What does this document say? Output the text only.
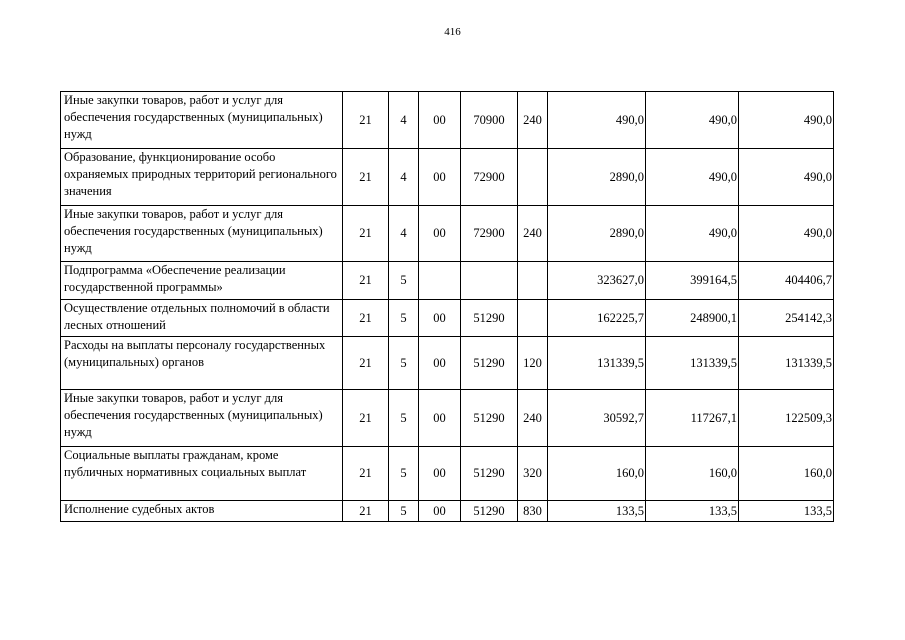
416
Иные закупки товаров, работ и услуг для обеспечения государственных (муниципальных) нужд	21	4	00	70900	240	490,0	490,0	490,0
Образование, функционирование особо охраняемых природных территорий регионального значения	21	4	00	72900		2890,0	490,0	490,0
Иные закупки товаров, работ и услуг для обеспечения государственных (муниципальных) нужд	21	4	00	72900	240	2890,0	490,0	490,0
Подпрограмма «Обеспечение реализации государственной программы»	21	5				323627,0	399164,5	404406,7
Осуществление отдельных полномочий в области лесных отношений	21	5	00	51290		162225,7	248900,1	254142,3
Расходы на выплаты персоналу государственных (муниципальных) органов	21	5	00	51290	120	131339,5	131339,5	131339,5
Иные закупки товаров, работ и услуг для обеспечения государственных (муниципальных) нужд	21	5	00	51290	240	30592,7	117267,1	122509,3
Социальные выплаты гражданам, кроме публичных нормативных социальных выплат	21	5	00	51290	320	160,0	160,0	160,0
Исполнение судебных актов	21	5	00	51290	830	133,5	133,5	133,5
